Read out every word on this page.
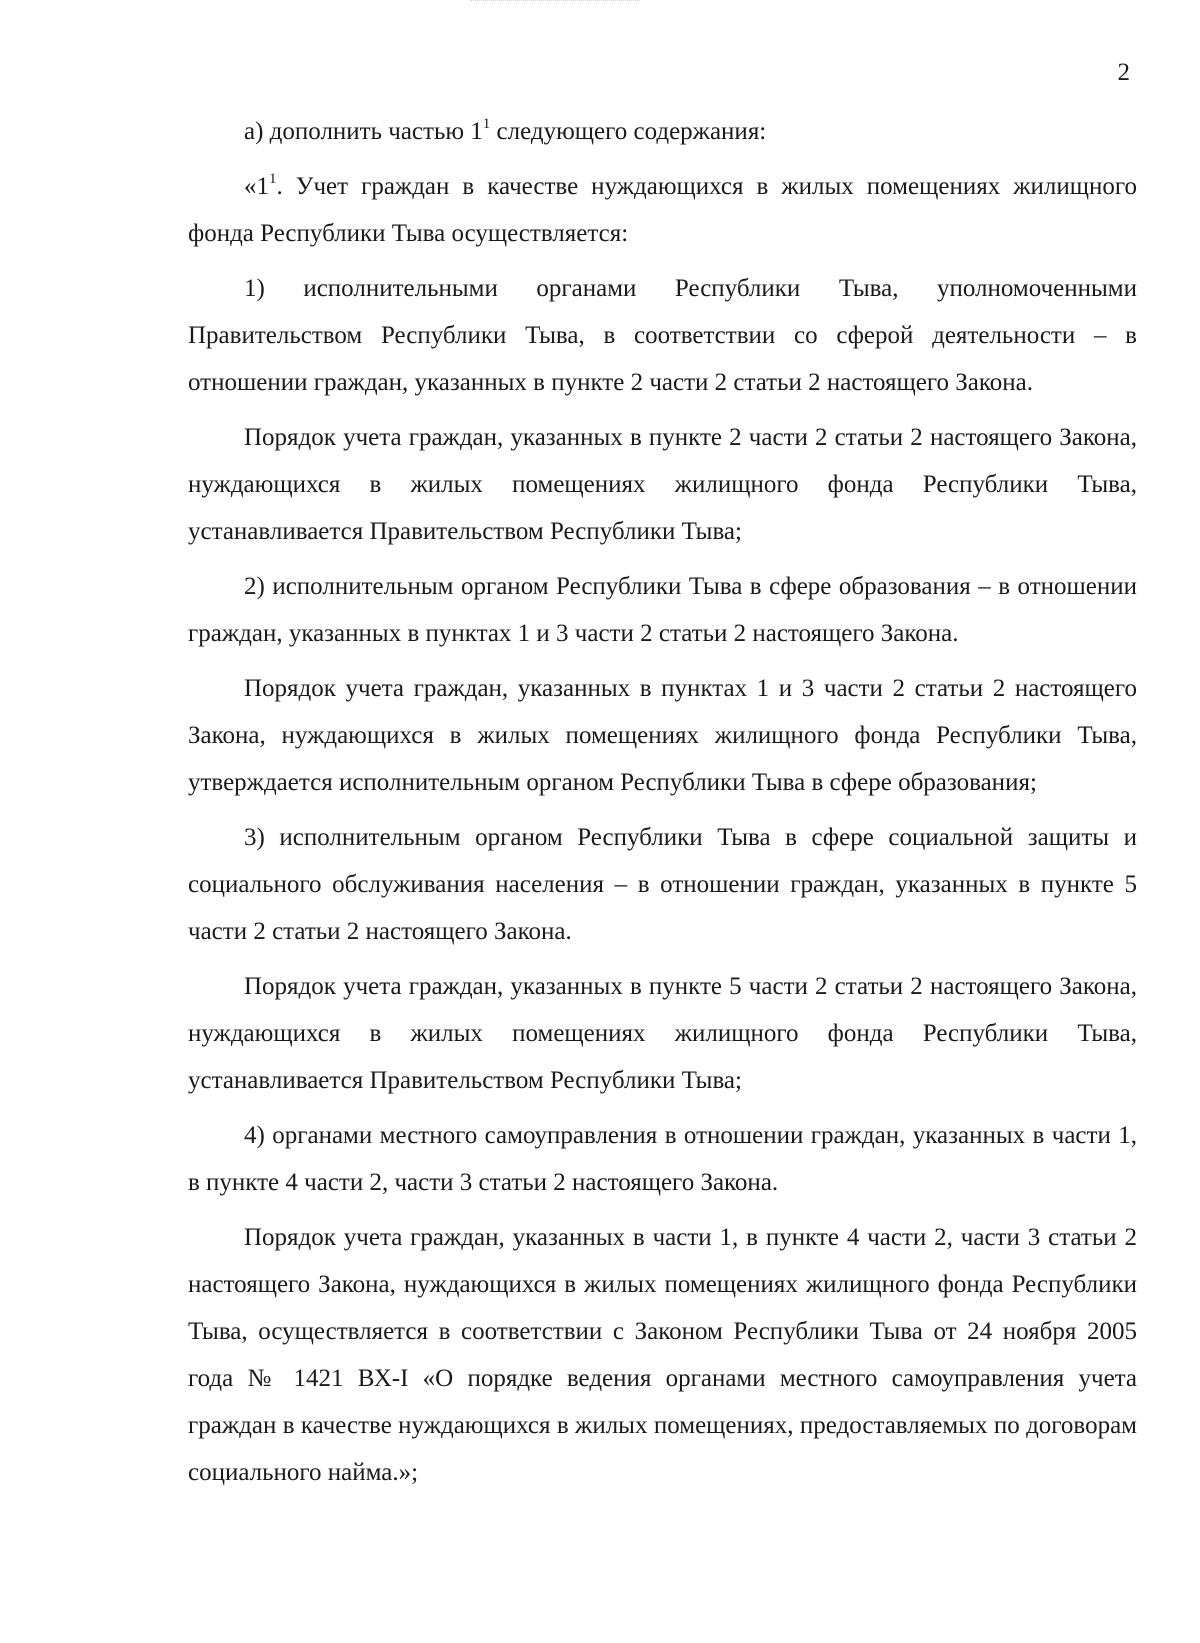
2

а) дополнить частью $1^1$ следующего содержания:

«$1^1$. Учет граждан в качестве нуждающихся в жилых помещениях жилищного фонда Республики Тыва осуществляется:

1) исполнительными органами Республики Тыва, уполномоченными Правительством Республики Тыва, в соответствии со сферой деятельности – в отношении граждан, указанных в пункте 2 части 2 статьи 2 настоящего Закона.

Порядок учета граждан, указанных в пункте 2 части 2 статьи 2 настоящего Закона, нуждающихся в жилых помещениях жилищного фонда Республики Тыва, устанавливается Правительством Республики Тыва;

2) исполнительным органом Республики Тыва в сфере образования – в отношении граждан, указанных в пунктах 1 и 3 части 2 статьи 2 настоящего Закона.

Порядок учета граждан, указанных в пунктах 1 и 3 части 2 статьи 2 настоящего Закона, нуждающихся в жилых помещениях жилищного фонда Республики Тыва, утверждается исполнительным органом Республики Тыва в сфере образования;

3) исполнительным органом Республики Тыва в сфере социальной защиты и социального обслуживания населения – в отношении граждан, указанных в пункте 5 части 2 статьи 2 настоящего Закона.

Порядок учета граждан, указанных в пункте 5 части 2 статьи 2 настоящего Закона, нуждающихся в жилых помещениях жилищного фонда Республики Тыва, устанавливается Правительством Республики Тыва;

4) органами местного самоуправления в отношении граждан, указанных в части 1, в пункте 4 части 2, части 3 статьи 2 настоящего Закона.

Порядок учета граждан, указанных в части 1, в пункте 4 части 2, части 3 статьи 2 настоящего Закона, нуждающихся в жилых помещениях жилищного фонда Республики Тыва, осуществляется в соответствии с Законом Республики Тыва от 24 ноября 2005 года № 1421 ВХ-I «О порядке ведения органами местного самоуправления учета граждан в качестве нуждающихся в жилых помещениях, предоставляемых по договорам социального найма.»;
